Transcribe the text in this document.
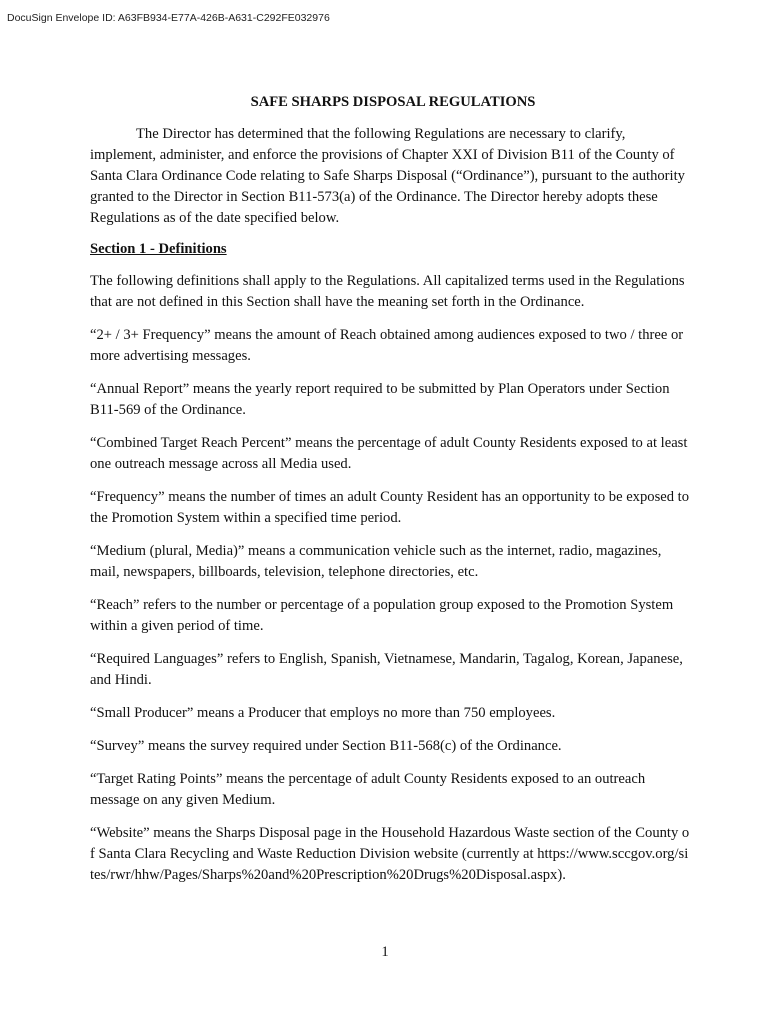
DocuSign Envelope ID: A63FB934-E77A-426B-A631-C292FE032976
SAFE SHARPS DISPOSAL REGULATIONS

The Director has determined that the following Regulations are necessary to clarify, implement, administer, and enforce the provisions of Chapter XXI of Division B11 of the County of Santa Clara Ordinance Code relating to Safe Sharps Disposal (“Ordinance”), pursuant to the authority granted to the Director in Section B11-573(a) of the Ordinance. The Director hereby adopts these Regulations as of the date specified below.

Section 1 - Definitions

The following definitions shall apply to the Regulations. All capitalized terms used in the Regulations that are not defined in this Section shall have the meaning set forth in the Ordinance.

“2+ / 3+ Frequency” means the amount of Reach obtained among audiences exposed to two / three or more advertising messages.

“Annual Report” means the yearly report required to be submitted by Plan Operators under Section B11-569 of the Ordinance.

“Combined Target Reach Percent” means the percentage of adult County Residents exposed to at least one outreach message across all Media used.

“Frequency” means the number of times an adult County Resident has an opportunity to be exposed to the Promotion System within a specified time period.

“Medium (plural, Media)” means a communication vehicle such as the internet, radio, magazines, mail, newspapers, billboards, television, telephone directories, etc.

“Reach” refers to the number or percentage of a population group exposed to the Promotion System within a given period of time.

“Required Languages” refers to English, Spanish, Vietnamese, Mandarin, Tagalog, Korean, Japanese, and Hindi.

“Small Producer” means a Producer that employs no more than 750 employees.

“Survey” means the survey required under Section B11-568(c) of the Ordinance.

“Target Rating Points” means the percentage of adult County Residents exposed to an outreach message on any given Medium.

“Website” means the Sharps Disposal page in the Household Hazardous Waste section of the County of Santa Clara Recycling and Waste Reduction Division website (currently at https://www.sccgov.org/sites/rwr/hhw/Pages/Sharps%20and%20Prescription%20Drugs%20Disposal.aspx).

1
